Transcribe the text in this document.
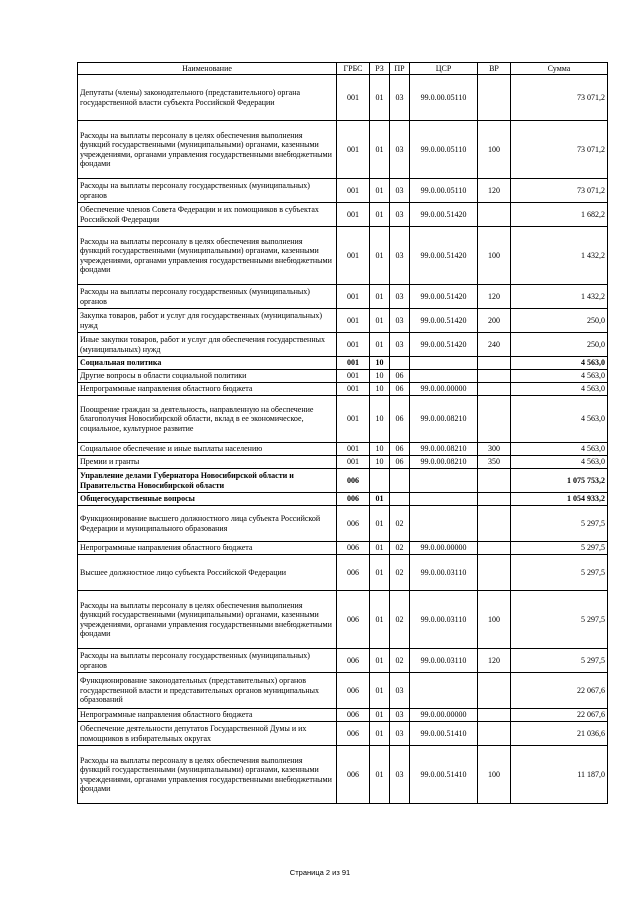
Наименование	ГРБС	РЗ	ПР	ЦСР	ВР	Сумма
Депутаты (члены) законодательного (представительного) органа государственной власти субъекта Российской Федерации	001	01	03	99.0.00.05110		73 071,2
Расходы на выплаты персоналу в целях обеспечения выполнения функций государственными (муниципальными) органами, казенными учреждениями, органами управления государственными внебюджетными фондами	001	01	03	99.0.00.05110	100	73 071,2
Расходы на выплаты персоналу государственных (муниципальных) органов	001	01	03	99.0.00.05110	120	73 071,2
Обеспечение членов Совета Федерации и их помощников в субъектах Российской Федерации	001	01	03	99.0.00.51420		1 682,2
Расходы на выплаты персоналу в целях обеспечения выполнения функций государственными (муниципальными) органами, казенными учреждениями, органами управления государственными внебюджетными фондами	001	01	03	99.0.00.51420	100	1 432,2
Расходы на выплаты персоналу государственных (муниципальных) органов	001	01	03	99.0.00.51420	120	1 432,2
Закупка товаров, работ и услуг для государственных (муниципальных) нужд	001	01	03	99.0.00.51420	200	250,0
Иные закупки товаров, работ и услуг для обеспечения государственных (муниципальных) нужд	001	01	03	99.0.00.51420	240	250,0
Социальная политика	001	10				4 563,0
Другие вопросы в области социальной политики	001	10	06			4 563,0
Непрограммные направления областного бюджета	001	10	06	99.0.00.00000		4 563,0
Поощрение граждан за деятельность, направленную на обеспечение благополучия Новосибирской области, вклад в ее экономическое, социальное, культурное развитие	001	10	06	99.0.00.08210		4 563,0
Социальное обеспечение и иные выплаты населению	001	10	06	99.0.00.08210	300	4 563,0
Премии и гранты	001	10	06	99.0.00.08210	350	4 563,0
Управление делами Губернатора Новосибирской области и Правительства Новосибирской области	006					1 075 753,2
Общегосударственные вопросы	006	01				1 054 933,2
Функционирование высшего должностного лица субъекта Российской Федерации и муниципального образования	006	01	02			5 297,5
Непрограммные направления областного бюджета	006	01	02	99.0.00.00000		5 297,5
Высшее должностное лицо субъекта Российской Федерации	006	01	02	99.0.00.03110		5 297,5
Расходы на выплаты персоналу в целях обеспечения выполнения функций государственными (муниципальными) органами, казенными учреждениями, органами управления государственными внебюджетными фондами	006	01	02	99.0.00.03110	100	5 297,5
Расходы на выплаты персоналу государственных (муниципальных) органов	006	01	02	99.0.00.03110	120	5 297,5
Функционирование законодательных (представительных) органов государственной власти и представительных органов муниципальных образований	006	01	03			22 067,6
Непрограммные направления областного бюджета	006	01	03	99.0.00.00000		22 067,6
Обеспечение деятельности депутатов Государственной Думы и их помощников в избирательных округах	006	01	03	99.0.00.51410		21 036,6
Расходы на выплаты персоналу в целях обеспечения выполнения функций государственными (муниципальными) органами, казенными учреждениями, органами управления государственными внебюджетными фондами	006	01	03	99.0.00.51410	100	11 187,0
Страница 2 из 91
